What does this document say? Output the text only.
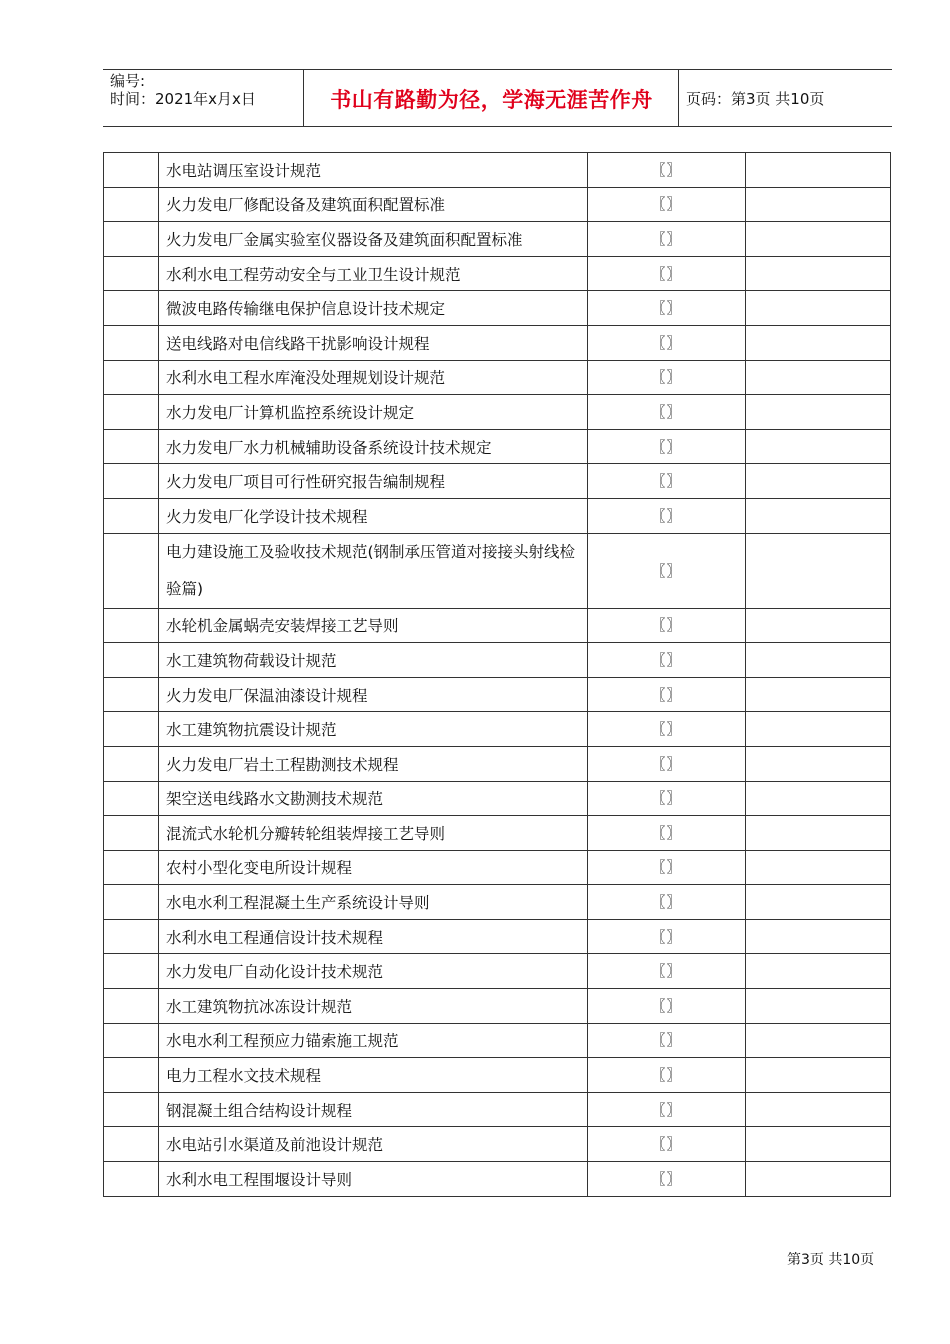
编号:
时间：2021年x月x日	书山有路勤为径，学海无涯苦作舟	页码：第3页 共10页
	水电站调压室设计规范	〖〗	
	火力发电厂修配设备及建筑面积配置标准	〖〗	
	火力发电厂金属实验室仪器设备及建筑面积配置标准	〖〗	
	水利水电工程劳动安全与工业卫生设计规范	〖〗	
	微波电路传输继电保护信息设计技术规定	〖〗	
	送电线路对电信线路干扰影响设计规程	〖〗	
	水利水电工程水库淹没处理规划设计规范	〖〗	
	水力发电厂计算机监控系统设计规定	〖〗	
	水力发电厂水力机械辅助设备系统设计技术规定	〖〗	
	火力发电厂项目可行性研究报告编制规程	〖〗	
	火力发电厂化学设计技术规程	〖〗	
	电力建设施工及验收技术规范(钢制承压管道对接接头射线检验篇)	〖〗	
	水轮机金属蜗壳安装焊接工艺导则	〖〗	
	水工建筑物荷载设计规范	〖〗	
	火力发电厂保温油漆设计规程	〖〗	
	水工建筑物抗震设计规范	〖〗	
	火力发电厂岩土工程勘测技术规程	〖〗	
	架空送电线路水文勘测技术规范	〖〗	
	混流式水轮机分瓣转轮组装焊接工艺导则	〖〗	
	农村小型化变电所设计规程	〖〗	
	水电水利工程混凝土生产系统设计导则	〖〗	
	水利水电工程通信设计技术规程	〖〗	
	水力发电厂自动化设计技术规范	〖〗	
	水工建筑物抗冰冻设计规范	〖〗	
	水电水利工程预应力锚索施工规范	〖〗	
	电力工程水文技术规程	〖〗	
	钢混凝土组合结构设计规程	〖〗	
	水电站引水渠道及前池设计规范	〖〗	
	水利水电工程围堰设计导则	〖〗	
第3页 共10页
